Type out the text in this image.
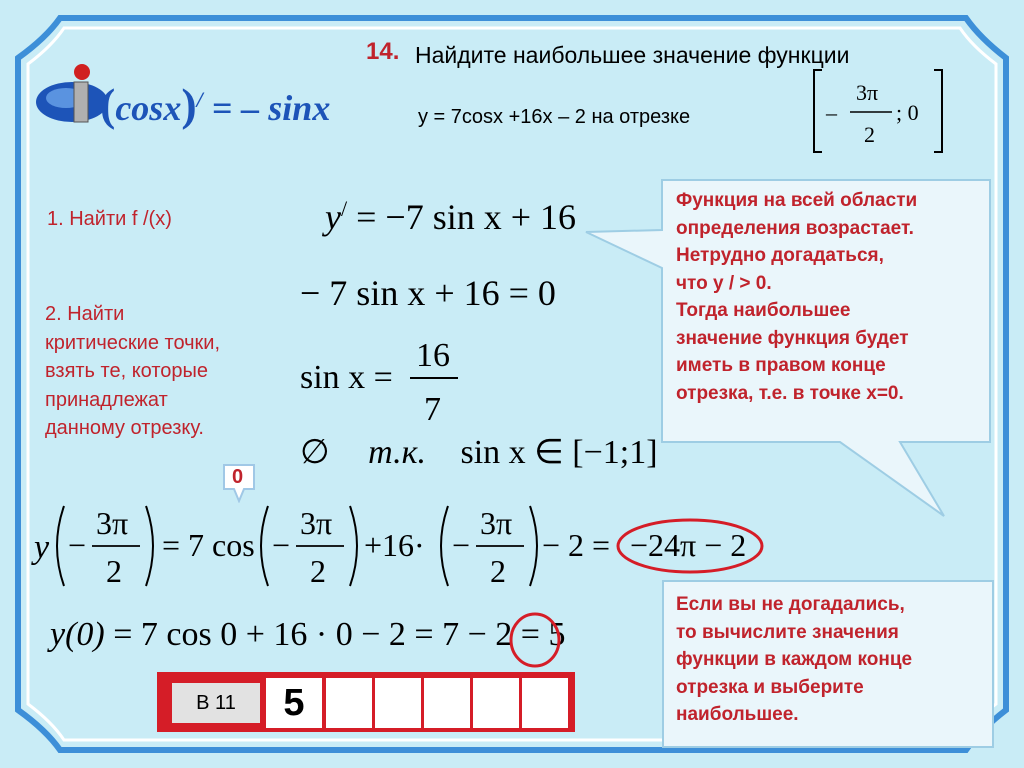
14. Найдите наибольшее значение функции
y = 7cosx +16x – 2 на отрезке	–
3π
2
; 0
(cosx)/ = – sinx
1. Найти f /(x)
2. Найти
критические точки,
взять те, которые
принадлежат
данному отрезку.
y/ = −7 sin x + 16
− 7 sin x + 16 = 0
sin x =
16
7
∅ т.к. sin x ∈ [−1;1]
0
y −
3π
2
= 7 cos −
3π
2
+16· −
3π
2
− 2 = −24π − 2
y(0) = 7 cos 0 + 16 · 0 − 2 = 7 − 2 = 5
Функция на всей области
определения возрастает.
Нетрудно догадаться,
что y / > 0.
Тогда наибольшее
значение функция будет
иметь в правом конце
отрезка, т.е. в точке x=0.
Если вы не догадались,
то вычислите значения
функции в каждом конце
отрезка и выберите
наибольшее.
В 11	5
